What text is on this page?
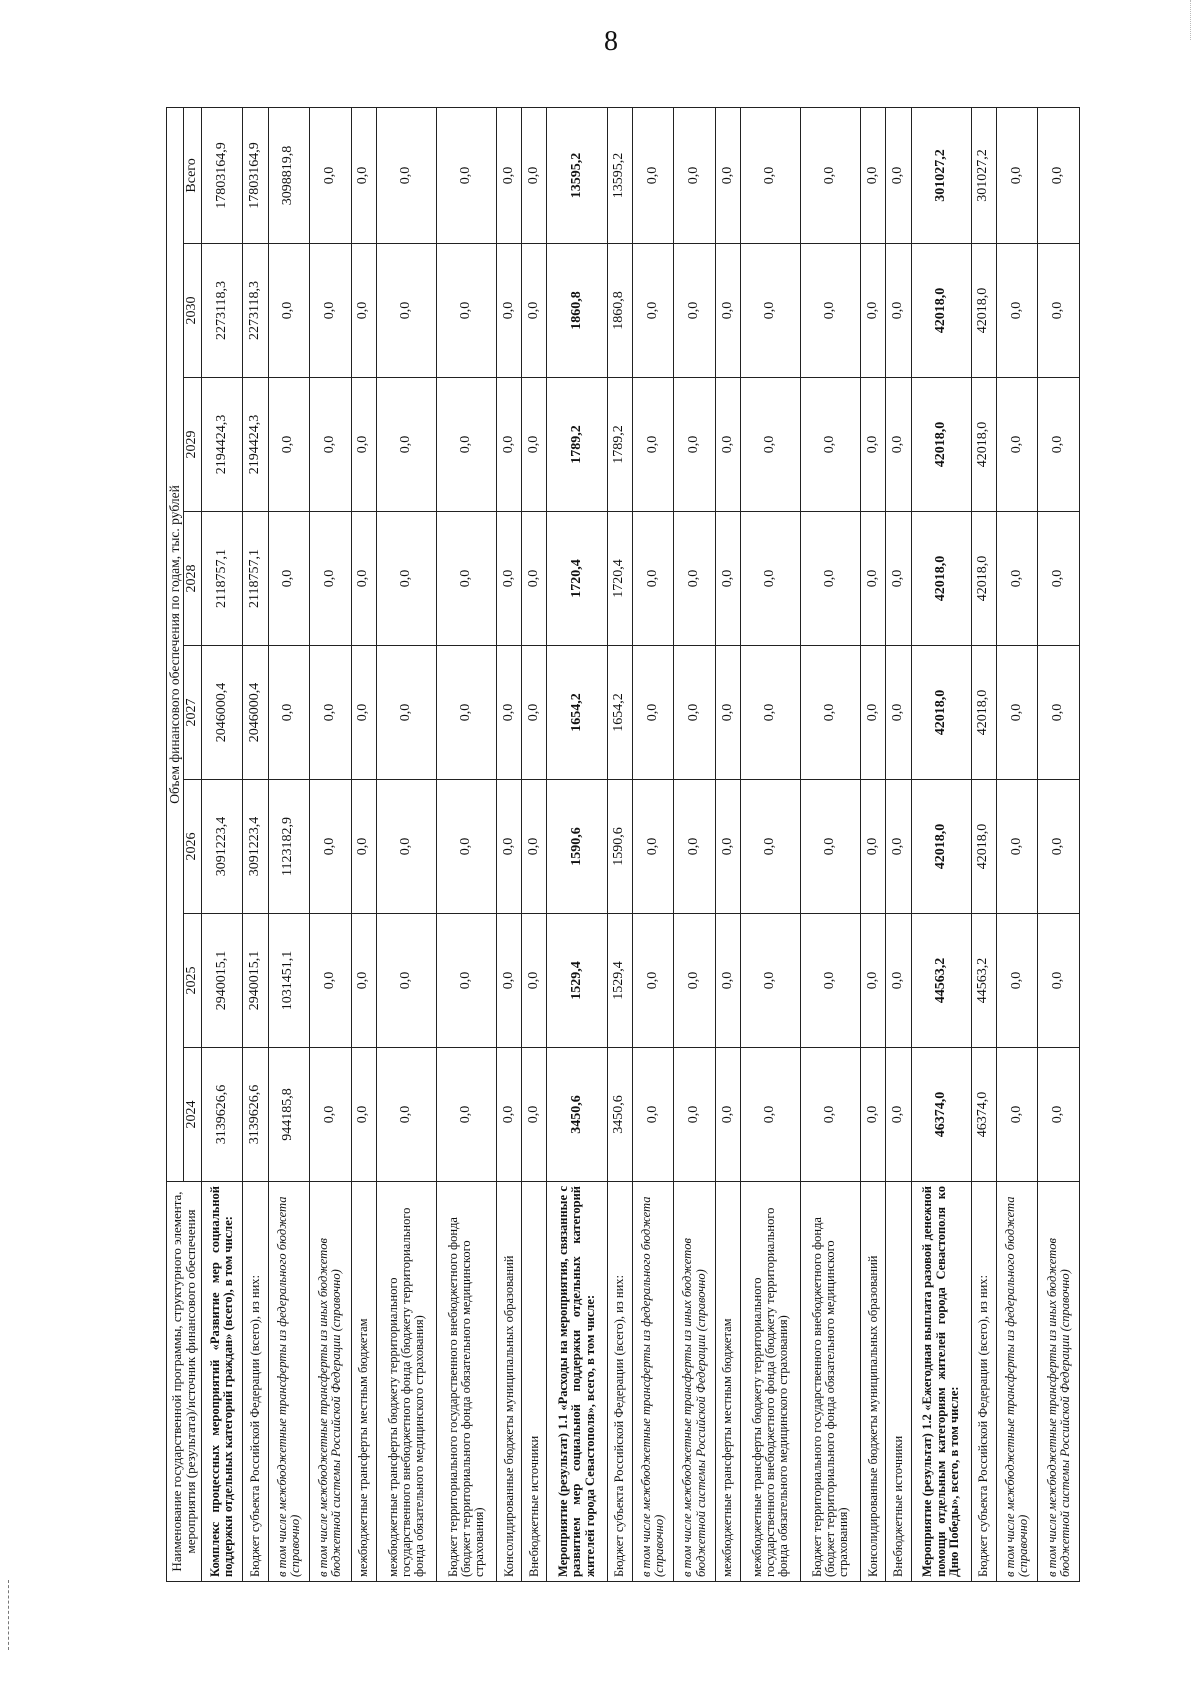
8
Наименование государственной программы, структурного элемента, мероприятия (результата)/источник финансового обеспечения	Объем финансового обеспечения по годам, тыс. рублей							
	2024	2025	2026	2027	2028	2029	2030	Всего
Комплекс процессных мероприятий «Развитие мер социальной поддержки отдельных категорий граждан» (всего), в том числе:	3139626,6	2940015,1	3091223,4	2046000,4	2118757,1	2194424,3	2273118,3	17803164,9
Бюджет субъекта Российской Федерации (всего), из них:	3139626,6	2940015,1	3091223,4	2046000,4	2118757,1	2194424,3	2273118,3	17803164,9
в том числе межбюджетные трансферты из федерального бюджета (справочно)	944185,8	1031451,1	1123182,9	0,0	0,0	0,0	0,0	3098819,8
в том числе межбюджетные трансферты из иных бюджетов бюджетной системы Российской Федерации (справочно)	0,0	0,0	0,0	0,0	0,0	0,0	0,0	0,0
межбюджетные трансферты местным бюджетам	0,0	0,0	0,0	0,0	0,0	0,0	0,0	0,0
межбюджетные трансферты бюджету территориального государственного внебюджетного фонда (бюджету территориального фонда обязательного медицинского страхования)	0,0	0,0	0,0	0,0	0,0	0,0	0,0	0,0
Бюджет территориального государственного внебюджетного фонда (бюджет территориального фонда обязательного медицинского страхования)	0,0	0,0	0,0	0,0	0,0	0,0	0,0	0,0
Консолидированные бюджеты муниципальных образований	0,0	0,0	0,0	0,0	0,0	0,0	0,0	0,0
Внебюджетные источники	0,0	0,0	0,0	0,0	0,0	0,0	0,0	0,0
Мероприятие (результат) 1.1 «Расходы на мероприятия, связанные с развитием мер социальной поддержки отдельных категорий жителей города Севастополя», всего, в том числе:	3450,6	1529,4	1590,6	1654,2	1720,4	1789,2	1860,8	13595,2
Бюджет субъекта Российской Федерации (всего), из них:	3450,6	1529,4	1590,6	1654,2	1720,4	1789,2	1860,8	13595,2
в том числе межбюджетные трансферты из федерального бюджета (справочно)	0,0	0,0	0,0	0,0	0,0	0,0	0,0	0,0
в том числе межбюджетные трансферты из иных бюджетов бюджетной системы Российской Федерации (справочно)	0,0	0,0	0,0	0,0	0,0	0,0	0,0	0,0
межбюджетные трансферты местным бюджетам	0,0	0,0	0,0	0,0	0,0	0,0	0,0	0,0
межбюджетные трансферты бюджету территориального государственного внебюджетного фонда (бюджету территориального фонда обязательного медицинского страхования)	0,0	0,0	0,0	0,0	0,0	0,0	0,0	0,0
Бюджет территориального государственного внебюджетного фонда (бюджет территориального фонда обязательного медицинского страхования)	0,0	0,0	0,0	0,0	0,0	0,0	0,0	0,0
Консолидированные бюджеты муниципальных образований	0,0	0,0	0,0	0,0	0,0	0,0	0,0	0,0
Внебюджетные источники	0,0	0,0	0,0	0,0	0,0	0,0	0,0	0,0
Мероприятие (результат) 1.2 «Ежегодная выплата разовой денежной помощи отдельным категориям жителей города Севастополя ко Дню Победы», всего, в том числе:	46374,0	44563,2	42018,0	42018,0	42018,0	42018,0	42018,0	301027,2
Бюджет субъекта Российской Федерации (всего), из них:	46374,0	44563,2	42018,0	42018,0	42018,0	42018,0	42018,0	301027,2
в том числе межбюджетные трансферты из федерального бюджета (справочно)	0,0	0,0	0,0	0,0	0,0	0,0	0,0	0,0
в том числе межбюджетные трансферты из иных бюджетов бюджетной системы Российской Федерации (справочно)	0,0	0,0	0,0	0,0	0,0	0,0	0,0	0,0
